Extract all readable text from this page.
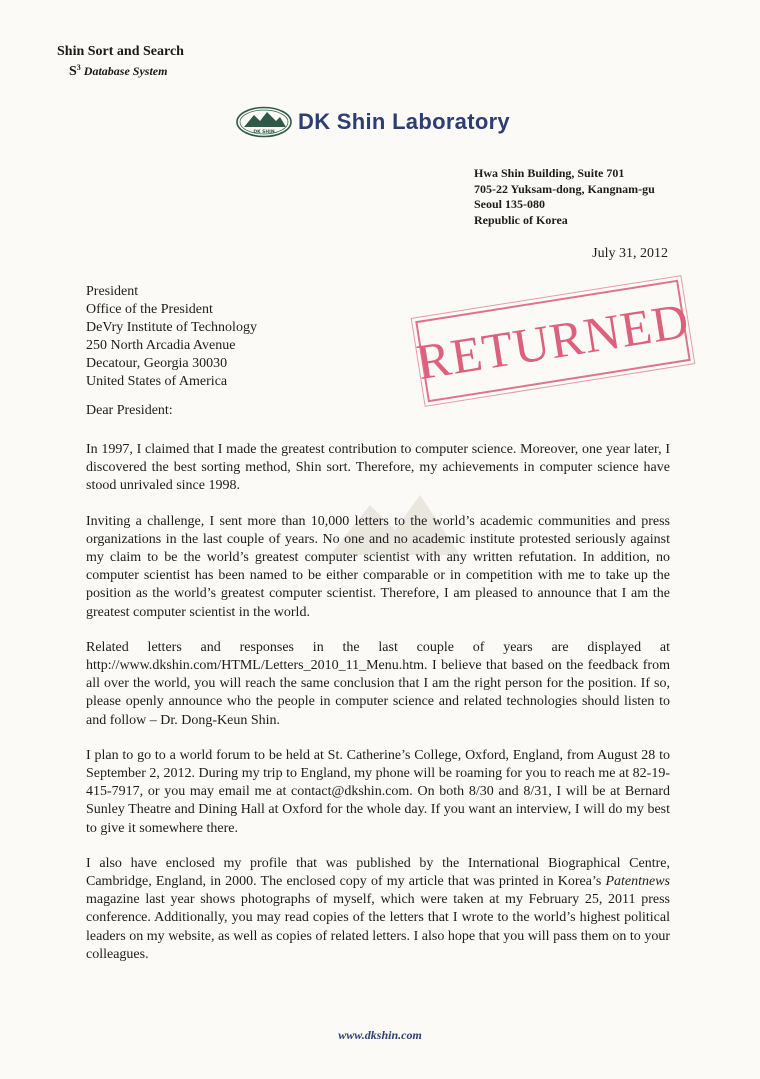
Shin Sort and Search
$S^3$ Database System
DK SHIN DK Shin Laboratory
Hwa Shin Building, Suite 701
705-22 Yuksam-dong, Kangnam-gu
Seoul 135-080
Republic of Korea
July 31, 2012
President
Office of the President
DeVry Institute of Technology
250 North Arcadia Avenue
Decatour, Georgia 30030
United States of America	RETURNED
Dear President:

In 1997, I claimed that I made the greatest contribution to computer science. Moreover, one year later, I discovered the best sorting method, Shin sort. Therefore, my achievements in computer science have stood unrivaled since 1998.

Inviting a challenge, I sent more than 10,000 letters to the world’s academic communities and press organizations in the last couple of years. No one and no academic institute protested seriously against my claim to be the world’s greatest computer scientist with any written refutation. In addition, no computer scientist has been named to be either comparable or in competition with me to take up the position as the world’s greatest computer scientist. Therefore, I am pleased to announce that I am the greatest computer scientist in the world.

Related letters and responses in the last couple of years are displayed at http://www.dkshin.com/HTML/Letters_2010_11_Menu.htm. I believe that based on the feedback from all over the world, you will reach the same conclusion that I am the right person for the position. If so, please openly announce who the people in computer science and related technologies should listen to and follow – Dr. Dong-Keun Shin.

I plan to go to a world forum to be held at St. Catherine’s College, Oxford, England, from August 28 to September 2, 2012. During my trip to England, my phone will be roaming for you to reach me at 82-19-415-7917, or you may email me at contact@dkshin.com. On both 8/30 and 8/31, I will be at Bernard Sunley Theatre and Dining Hall at Oxford for the whole day. If you want an interview, I will do my best to give it somewhere there.

I also have enclosed my profile that was published by the International Biographical Centre, Cambridge, England, in 2000. The enclosed copy of my article that was printed in Korea’s Patentnews magazine last year shows photographs of myself, which were taken at my February 25, 2011 press conference. Additionally, you may read copies of the letters that I wrote to the world’s highest political leaders on my website, as well as copies of related letters. I also hope that you will pass them on to your colleagues.

www.dkshin.com
